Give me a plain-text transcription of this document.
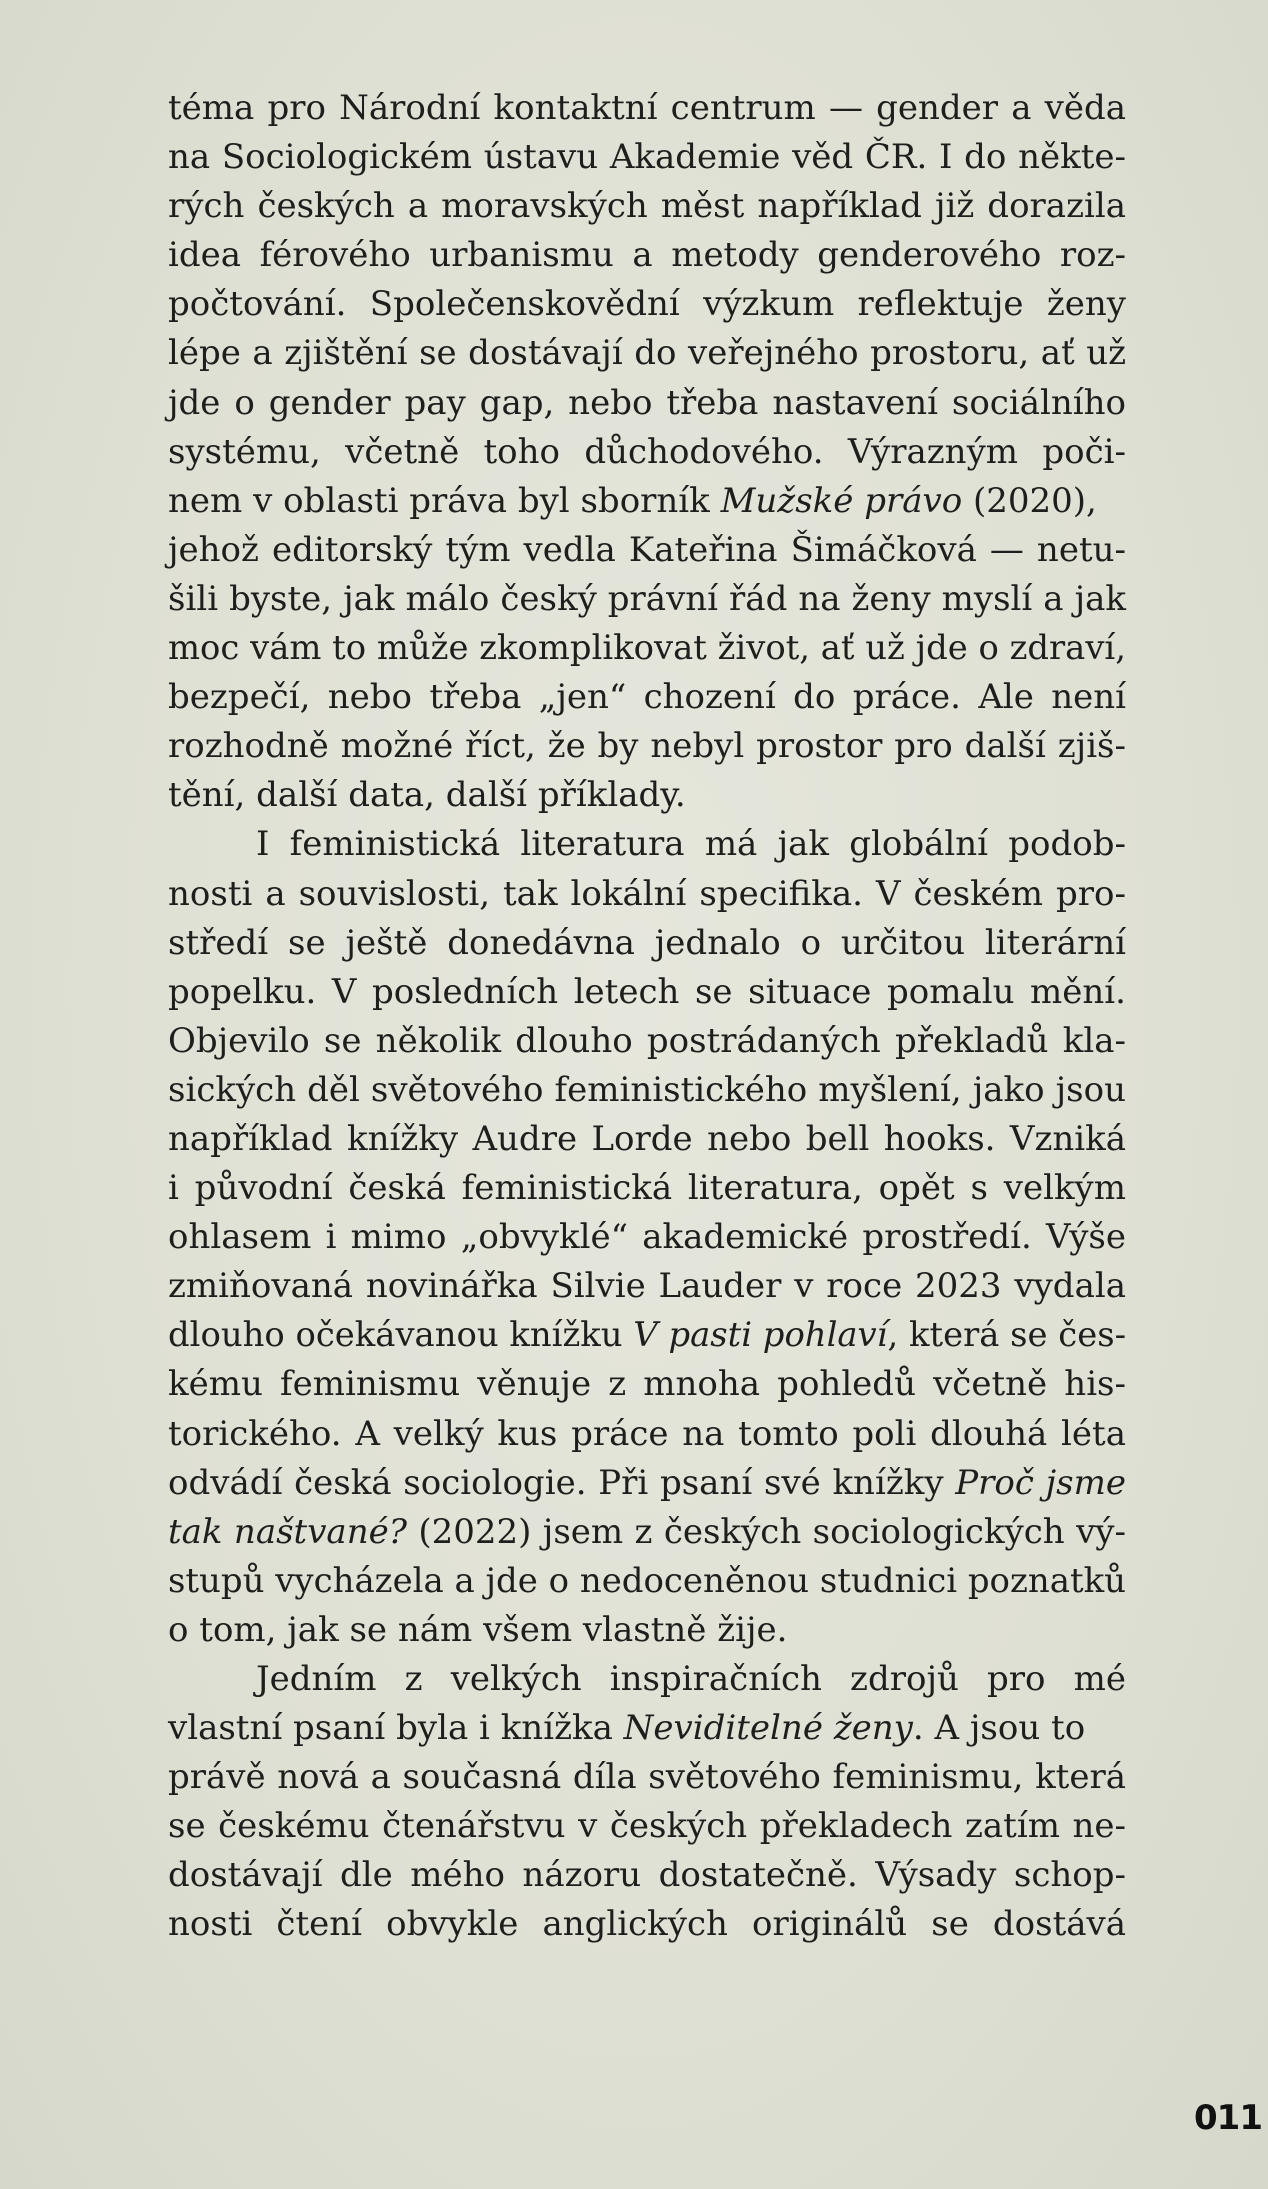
téma pro Národní kontaktní centrum — gender a věda
na Sociologickém ústavu Akademie věd ČR. I do někte-
rých českých a moravských měst například již dorazila
idea férového urbanismu a metody genderového roz-
počtování. Společenskovědní výzkum reflektuje ženy
lépe a zjištění se dostávají do veřejného prostoru, ať už
jde o gender pay gap, nebo třeba nastavení sociálního
systému, včetně toho důchodového. Výrazným poči-
nem v oblasti práva byl sborník Mužské právo (2020),
jehož editorský tým vedla Kateřina Šimáčková — netu-
šili byste, jak málo český právní řád na ženy myslí a jak
moc vám to může zkomplikovat život, ať už jde o zdraví,
bezpečí, nebo třeba „jen“ chození do práce. Ale není
rozhodně možné říct, že by nebyl prostor pro další zjiš-
tění, další data, další příklady.
I feministická literatura má jak globální podob-
nosti a souvislosti, tak lokální specifika. V českém pro-
středí se ještě donedávna jednalo o určitou literární
popelku. V posledních letech se situace pomalu mění.
Objevilo se několik dlouho postrádaných překladů kla-
sických děl světového feministického myšlení, jako jsou
například knížky Audre Lorde nebo bell hooks. Vzniká
i původní česká feministická literatura, opět s velkým
ohlasem i mimo „obvyklé“ akademické prostředí. Výše
zmiňovaná novinářka Silvie Lauder v roce 2023 vydala
dlouho očekávanou knížku V pasti pohlaví, která se čes-
kému feminismu věnuje z mnoha pohledů včetně his-
torického. A velký kus práce na tomto poli dlouhá léta
odvádí česká sociologie. Při psaní své knížky Proč jsme
tak naštvané? (2022) jsem z českých sociologických vý-
stupů vycházela a jde o nedoceněnou studnici poznatků
o tom, jak se nám všem vlastně žije.
Jedním z velkých inspiračních zdrojů pro mé
vlastní psaní byla i knížka Neviditelné ženy. A jsou to
právě nová a současná díla světového feminismu, která
se českému čtenářstvu v českých překladech zatím ne-
dostávají dle mého názoru dostatečně. Výsady schop-
nosti čtení obvykle anglických originálů se dostává
011
